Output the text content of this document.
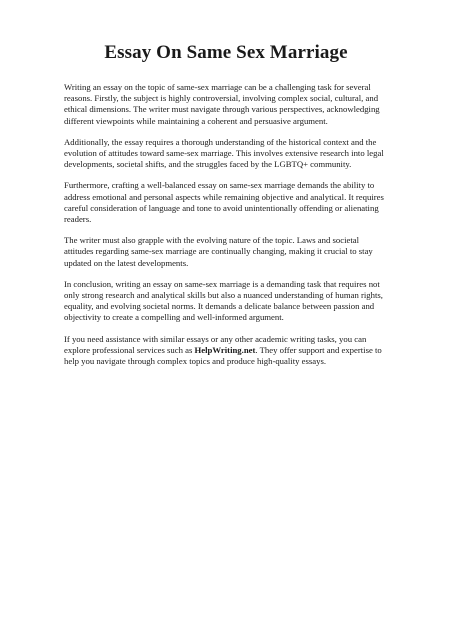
Essay On Same Sex Marriage

Writing an essay on the topic of same-sex marriage can be a challenging task for several reasons. Firstly, the subject is highly controversial, involving complex social, cultural, and ethical dimensions. The writer must navigate through various perspectives, acknowledging different viewpoints while maintaining a coherent and persuasive argument.

Additionally, the essay requires a thorough understanding of the historical context and the evolution of attitudes toward same-sex marriage. This involves extensive research into legal developments, societal shifts, and the struggles faced by the LGBTQ+ community.

Furthermore, crafting a well-balanced essay on same-sex marriage demands the ability to address emotional and personal aspects while remaining objective and analytical. It requires careful consideration of language and tone to avoid unintentionally offending or alienating readers.

The writer must also grapple with the evolving nature of the topic. Laws and societal attitudes regarding same-sex marriage are continually changing, making it crucial to stay updated on the latest developments.

In conclusion, writing an essay on same-sex marriage is a demanding task that requires not only strong research and analytical skills but also a nuanced understanding of human rights, equality, and evolving societal norms. It demands a delicate balance between passion and objectivity to create a compelling and well-informed argument.

If you need assistance with similar essays or any other academic writing tasks, you can explore professional services such as HelpWriting.net. They offer support and expertise to help you navigate through complex topics and produce high-quality essays.
